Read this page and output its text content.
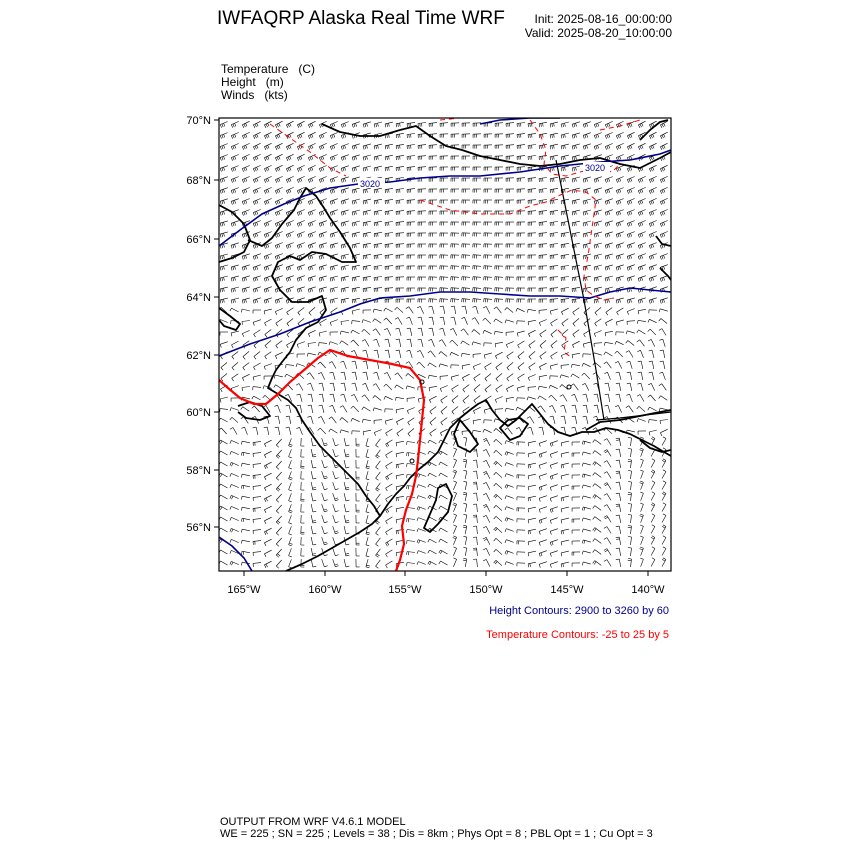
IWFAQRP Alaska Real Time WRF Init: 2025-08-16_00:00:00
Valid: 2025-08-20_10:00:00
Temperature (C)
Height (m)
Winds (kts)
3020
3020
70°N
68°N
66°N
64°N
62°N
60°N
58°N
56°N
165°W	160°W	155°W	150°W	145°W	140°W
Height Contours: 2900 to 3260 by 60
Temperature Contours: -25 to 25 by 5
OUTPUT FROM WRF V4.6.1 MODEL
WE = 225 ; SN = 225 ; Levels = 38 ; Dis = 8km ; Phys Opt = 8 ; PBL Opt = 1 ; Cu Opt = 3
